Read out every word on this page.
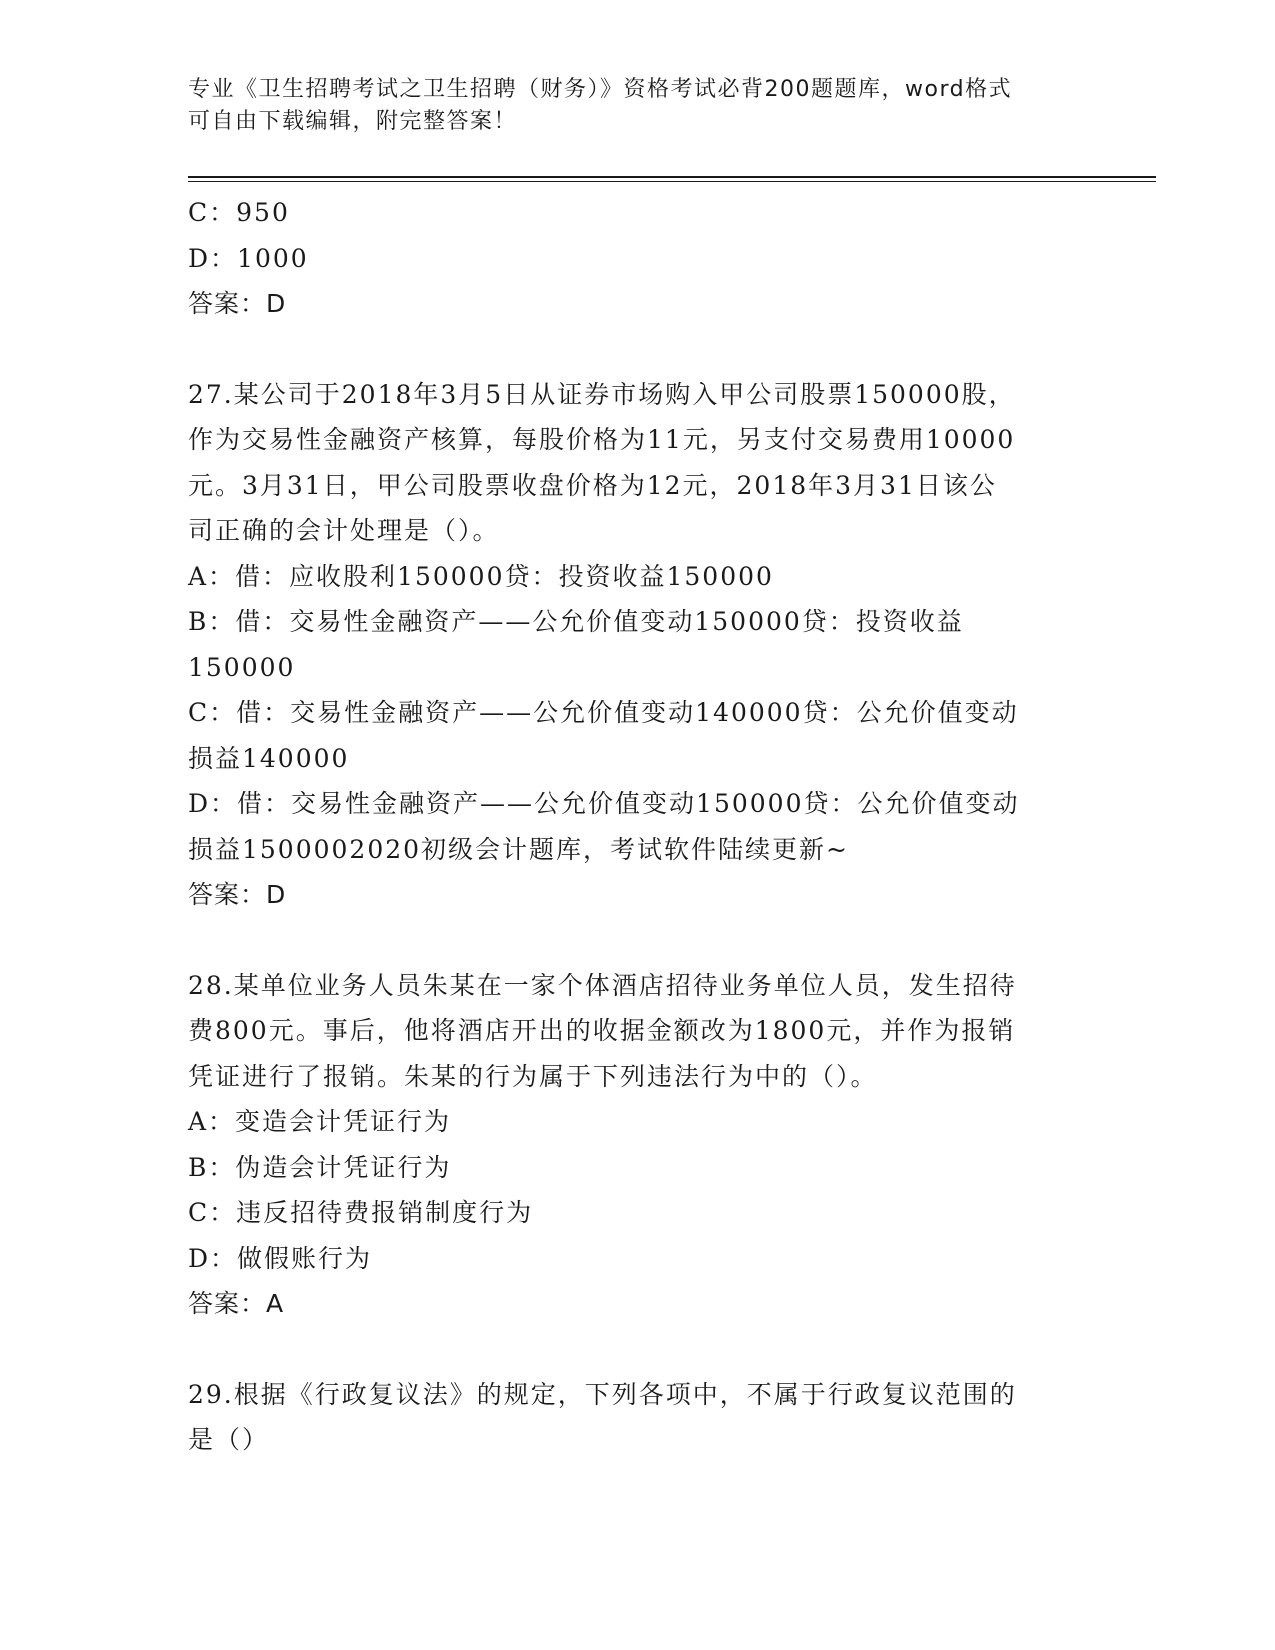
专业《卫生招聘考试之卫生招聘（财务）》资格考试必背200题题库，word格式
可自由下载编辑，附完整答案！
C：950
D：1000
答案：D
27.某公司于2018年3月5日从证券市场购入甲公司股票150000股，
作为交易性金融资产核算，每股价格为11元，另支付交易费用10000
元。3月31日，甲公司股票收盘价格为12元，2018年3月31日该公
司正确的会计处理是（）。
A：借：应收股利150000贷：投资收益150000
B：借：交易性金融资产——公允价值变动150000贷：投资收益
150000
C：借：交易性金融资产——公允价值变动140000贷：公允价值变动
损益140000
D：借：交易性金融资产——公允价值变动150000贷：公允价值变动
损益1500002020初级会计题库，考试软件陆续更新~
答案：D
28.某单位业务人员朱某在一家个体酒店招待业务单位人员，发生招待
费800元。事后，他将酒店开出的收据金额改为1800元，并作为报销
凭证进行了报销。朱某的行为属于下列违法行为中的（）。
A：变造会计凭证行为
B：伪造会计凭证行为
C：违反招待费报销制度行为
D：做假账行为
答案：A
29.根据《行政复议法》的规定，下列各项中，不属于行政复议范围的
是（）
